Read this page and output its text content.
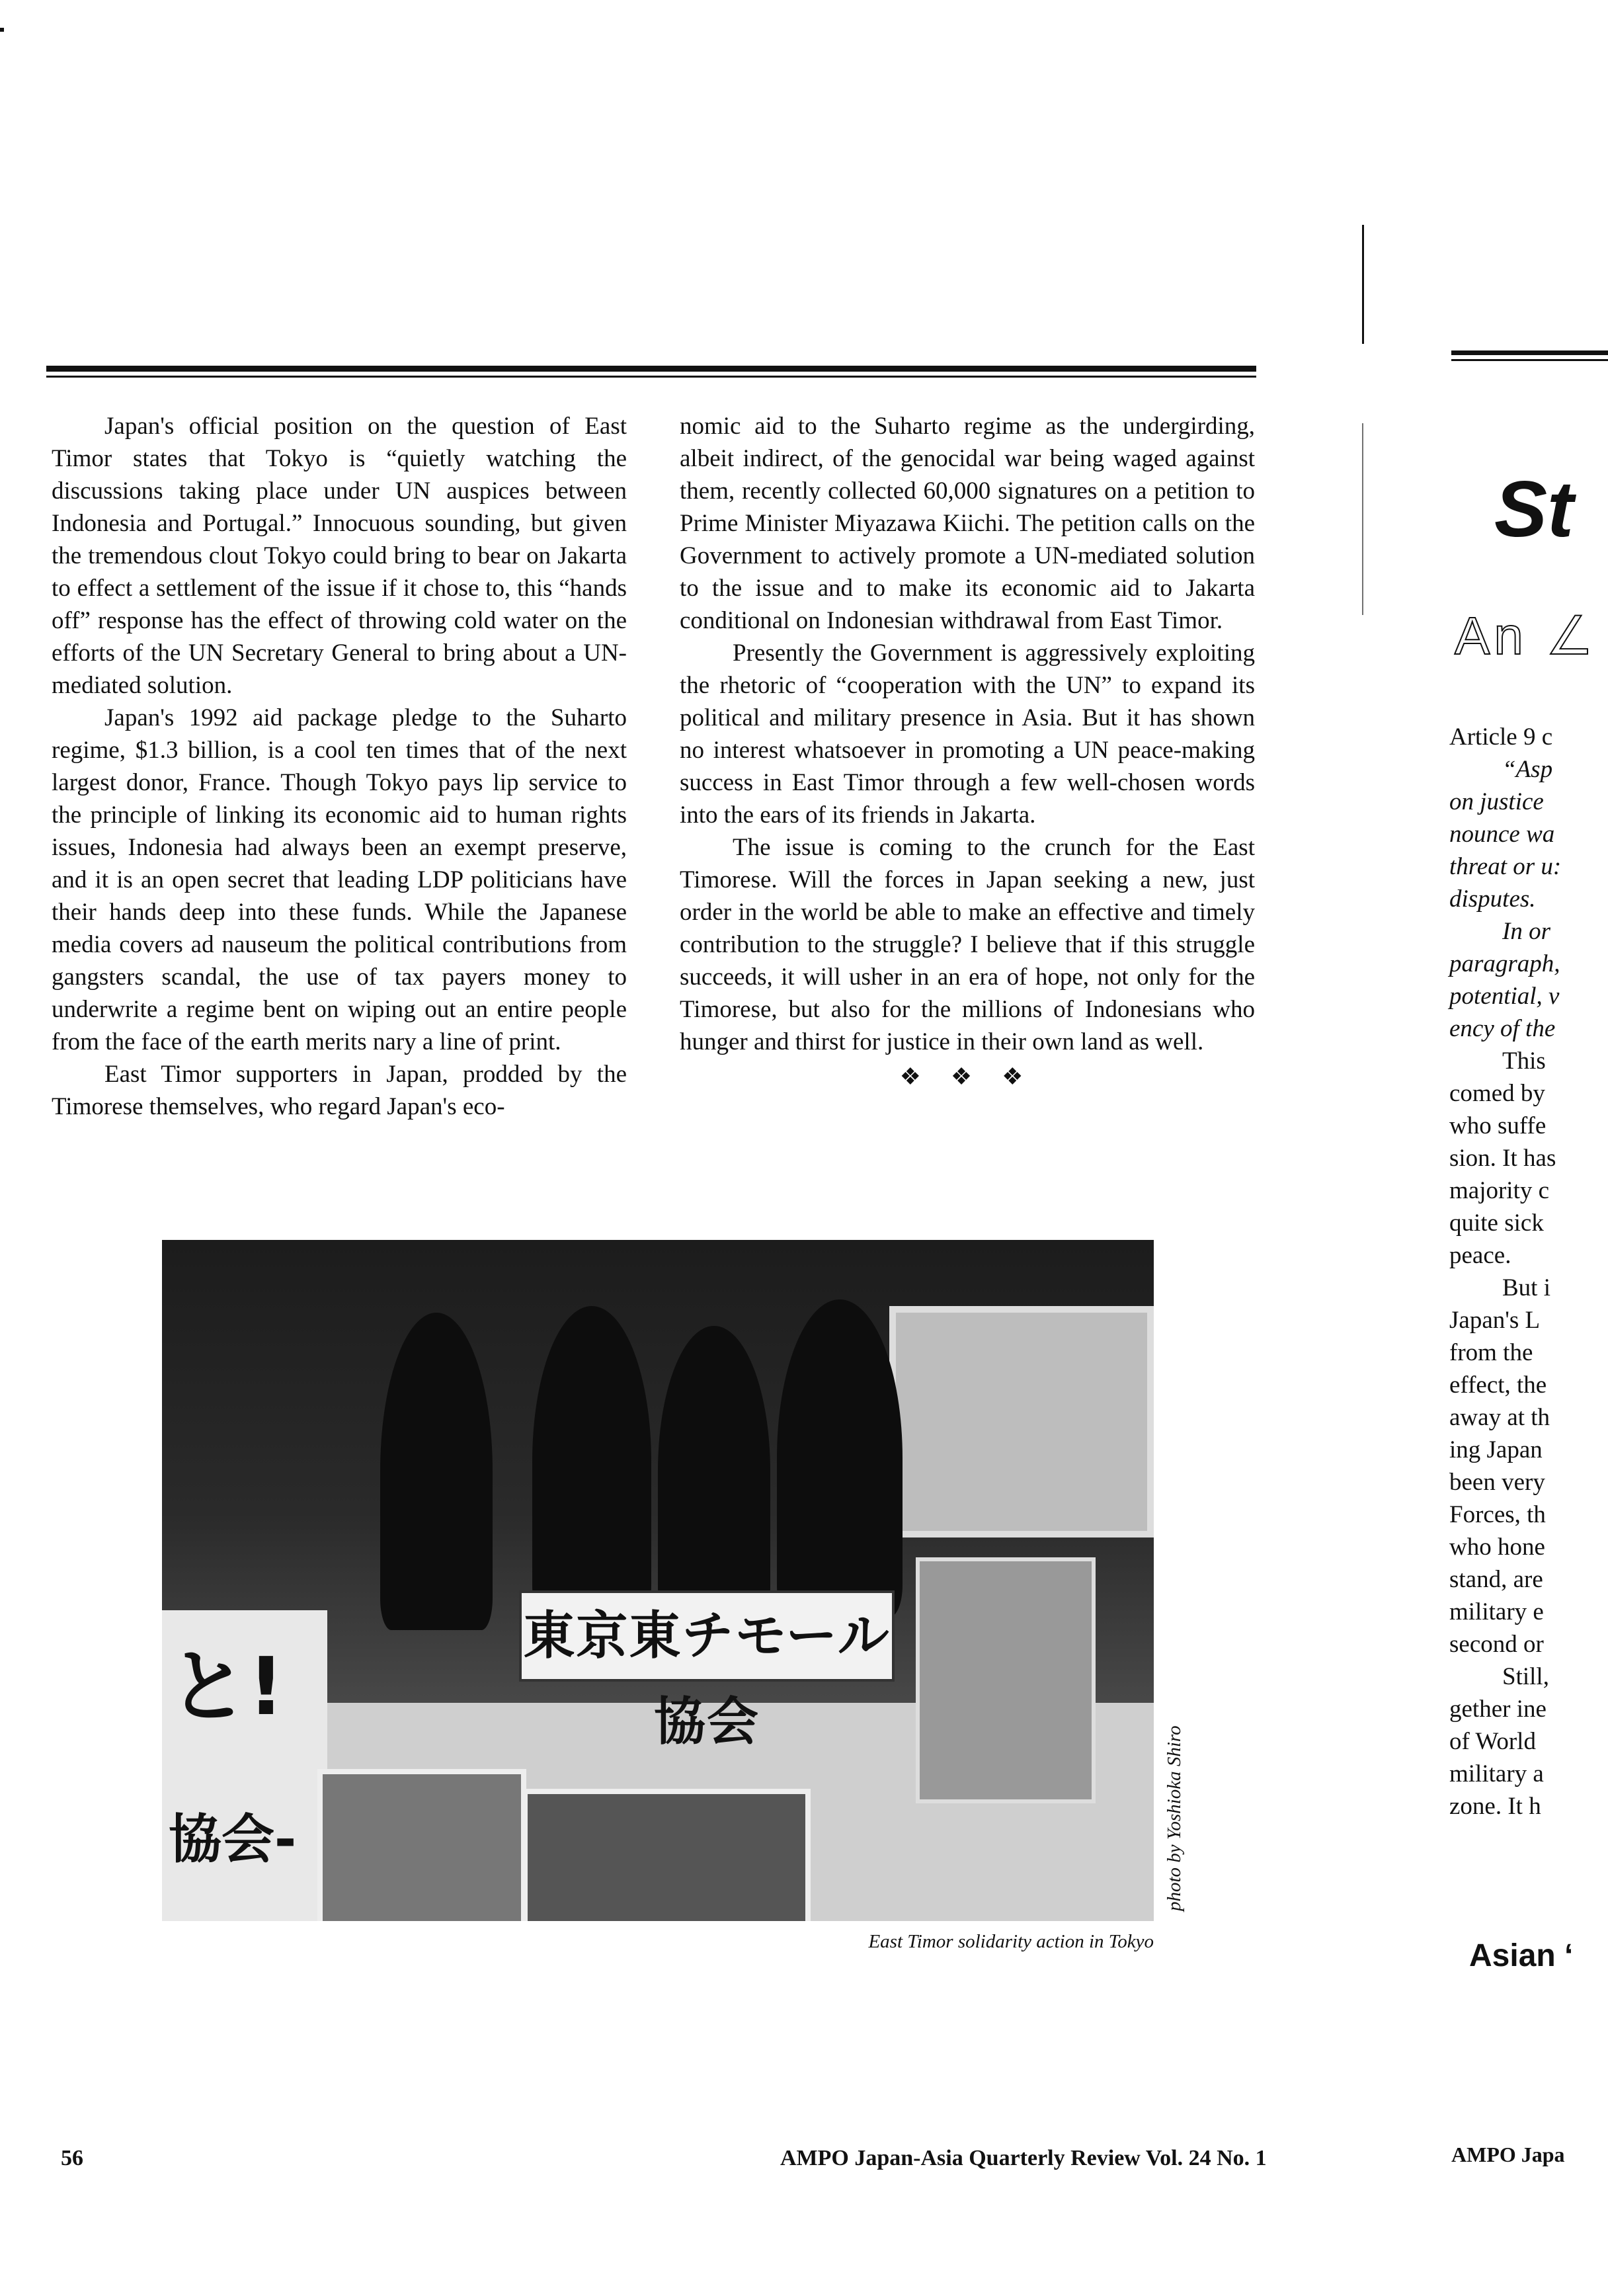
Japan's official position on the question of East Timor states that Tokyo is “quietly watching the discussions taking place under UN auspices between Indonesia and Portugal.” Innocuous sounding, but given the tremendous clout Tokyo could bring to bear on Jakarta to effect a settlement of the issue if it chose to, this “hands off” response has the effect of throwing cold water on the efforts of the UN Secretary General to bring about a UN-mediated solution.

Japan's 1992 aid package pledge to the Suharto regime, $1.3 billion, is a cool ten times that of the next largest donor, France. Though Tokyo pays lip service to the principle of linking its economic aid to human rights issues, Indonesia had always been an exempt preserve, and it is an open secret that leading LDP politicians have their hands deep into these funds. While the Japanese media covers ad nauseum the political contributions from gangsters scandal, the use of tax payers money to underwrite a regime bent on wiping out an entire people from the face of the earth merits nary a line of print.

East Timor supporters in Japan, prodded by the Timorese themselves, who regard Japan's eco-

nomic aid to the Suharto regime as the undergirding, albeit indirect, of the genocidal war being waged against them, recently collected 60,000 signatures on a petition to Prime Minister Miyazawa Kiichi. The petition calls on the Government to actively promote a UN-mediated solution to the issue and to make its economic aid to Jakarta conditional on Indonesian withdrawal from East Timor.

Presently the Government is aggressively exploiting the rhetoric of “cooperation with the UN” to expand its political and military presence in Asia. But it has shown no interest whatsoever in promoting a UN peace-making success in East Timor through a few well-chosen words into the ears of its friends in Jakarta.

The issue is coming to the crunch for the East Timorese. Will the forces in Japan seeking a new, just order in the world be able to make an effective and timely contribution to the struggle? I believe that if this struggle succeeds, it will usher in an era of hope, not only for the Timorese, but also for the millions of Indonesians who hunger and thirst for justice in their own land as well.

❖ ❖ ❖
東京東チモール協会
と!
協会-	photo by Yoshioka Shiro
East Timor solidarity action in Tokyo
56	AMPO Japan-Asia Quarterly Review Vol. 24 No. 1	AMPO Japa
St
An ∠
Article 9 c
“Asp
on justice
nounce wa
threat or u:
disputes.
In or
paragraph,
potential, v
ency of the
This
comed by
who suffe
sion. It has
majority c
quite sick
peace.
But i
Japan's L
from the
effect, the
away at th
ing Japan
been very
Forces, th
who hone
stand, are
military e
second or
Still,
gether ine
of World
military a
zone. It h
Asian ‘
